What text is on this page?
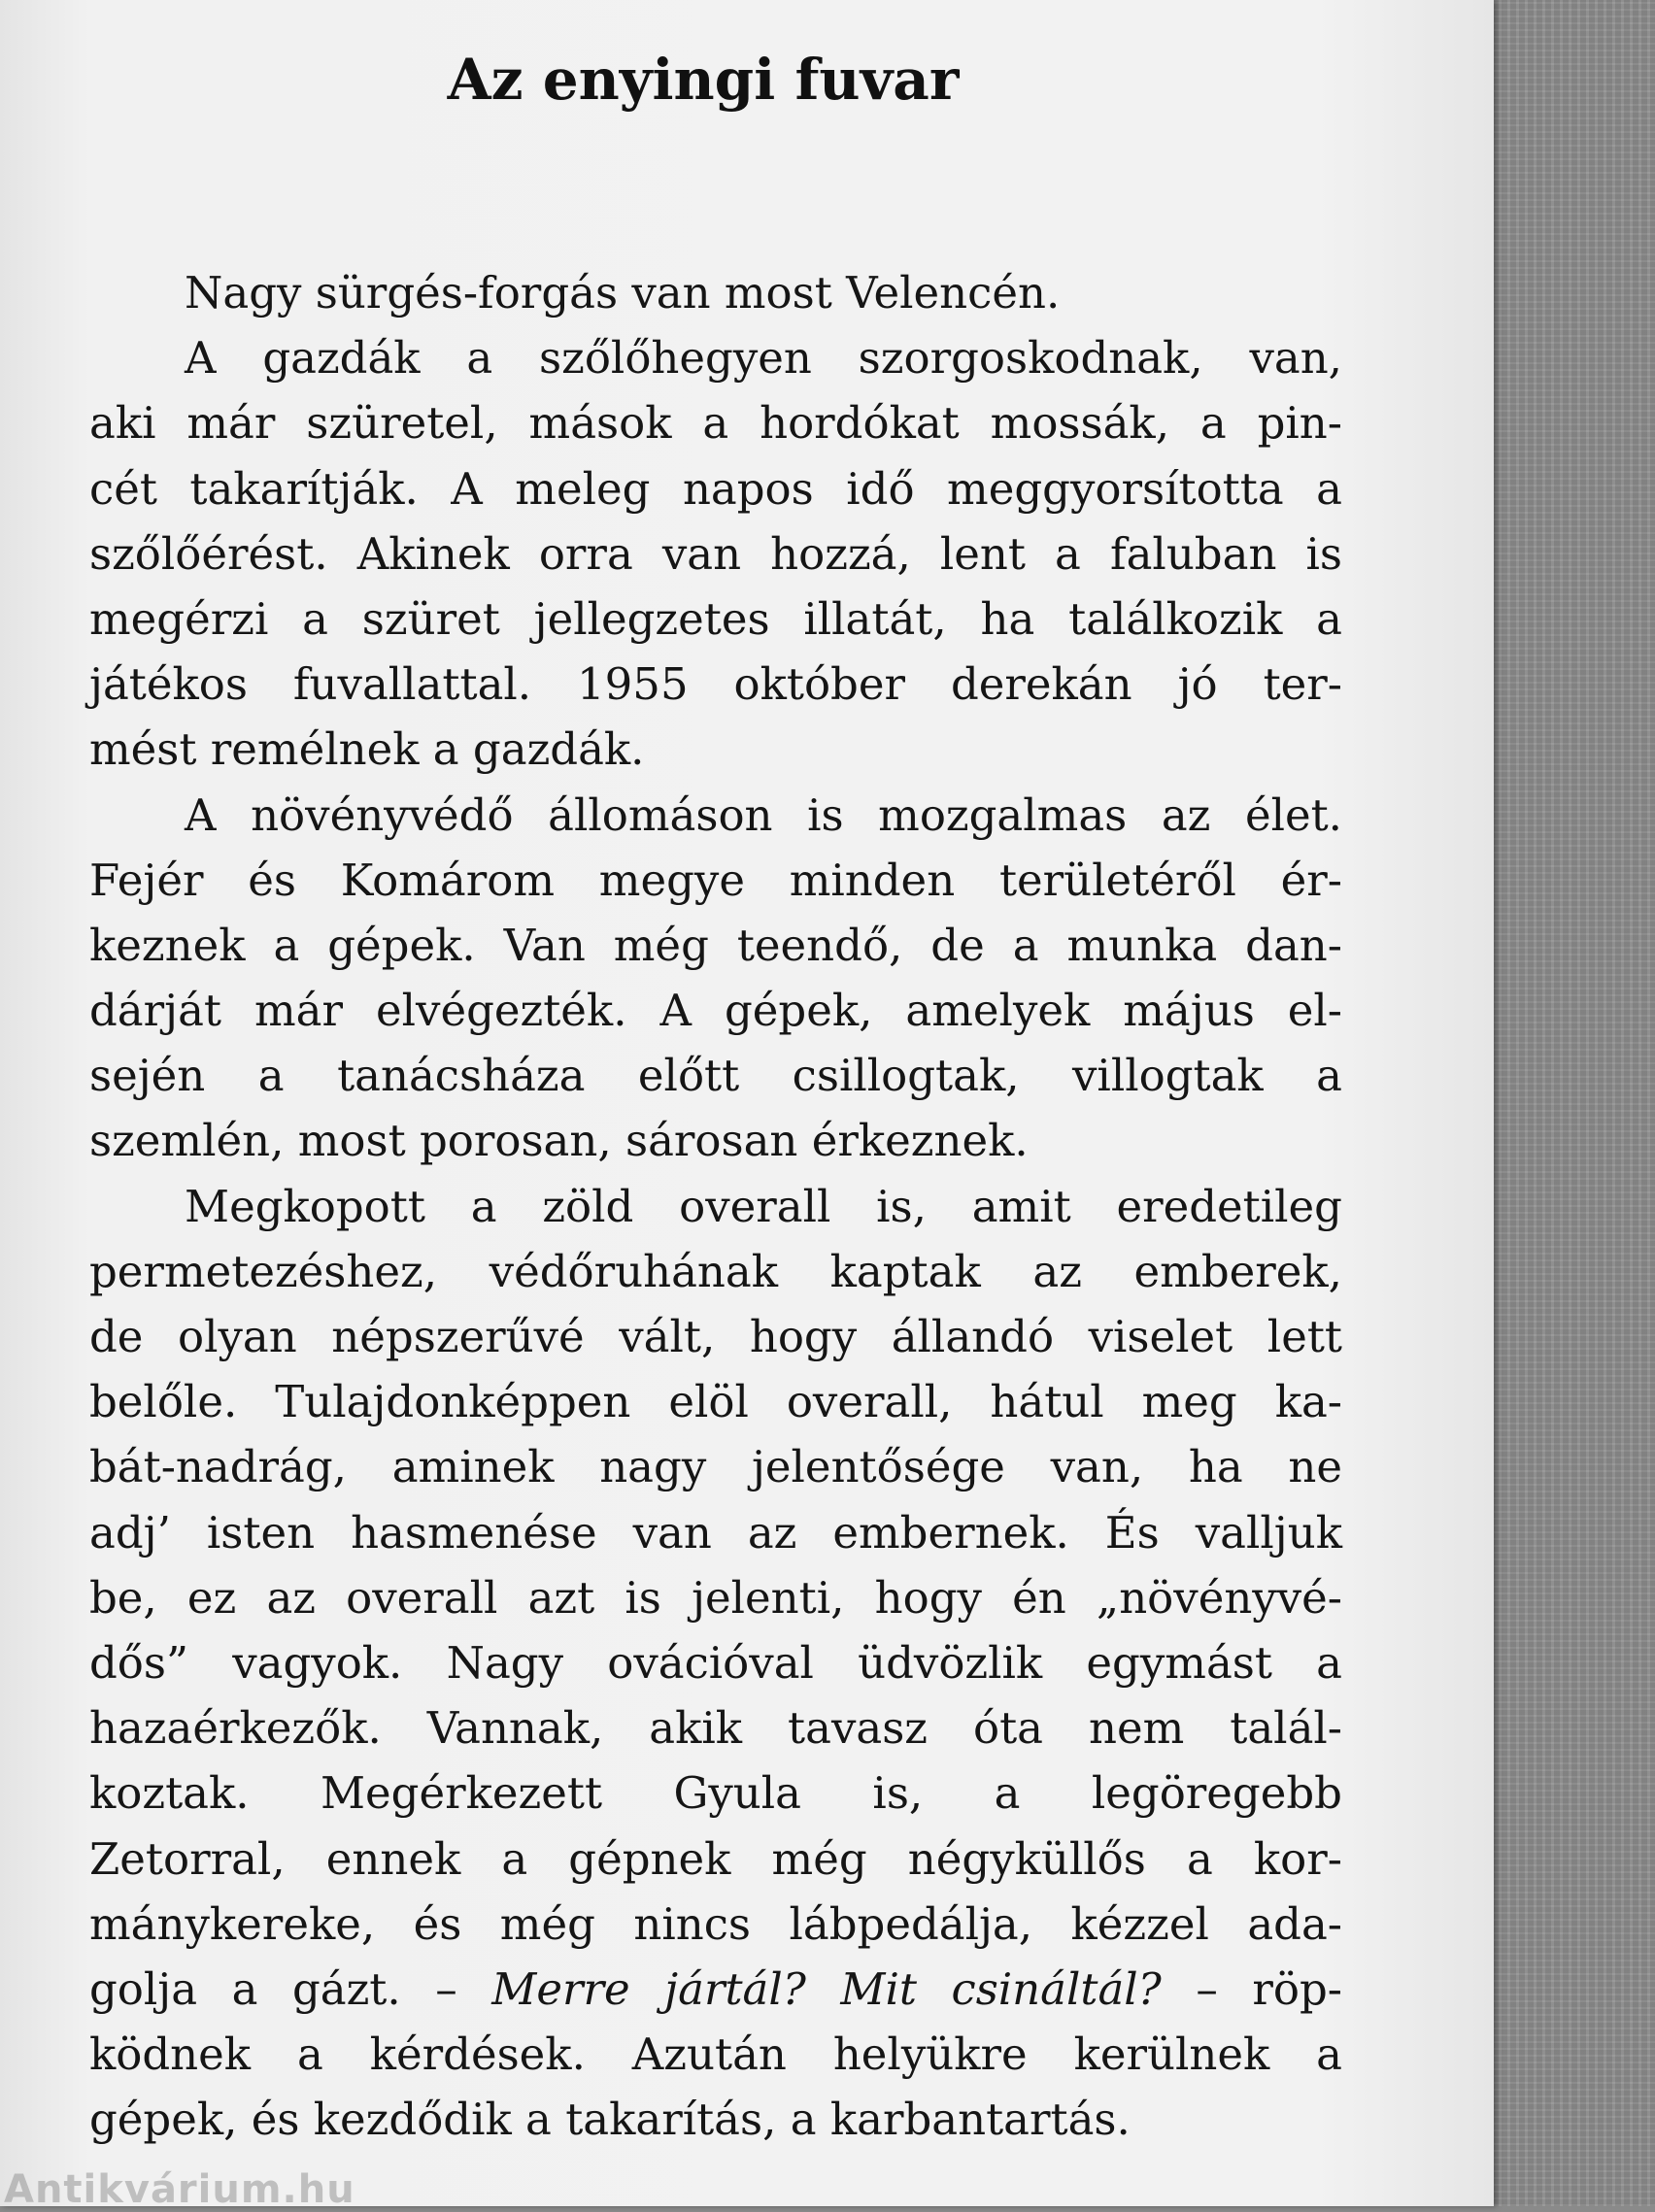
Az enyingi fuvar
Nagy sürgés-forgás van most Velencén.
A gazdák a szőlőhegyen szorgoskodnak, van,
aki már szüretel, mások a hordókat mossák, a pin-
cét takarítják. A meleg napos idő meggyorsította a
szőlőérést. Akinek orra van hozzá, lent a faluban is
megérzi a szüret jellegzetes illatát, ha találkozik a
játékos fuvallattal. 1955 október derekán jó ter-
mést remélnek a gazdák.
A növényvédő állomáson is mozgalmas az élet.
Fejér és Komárom megye minden területéről ér-
keznek a gépek. Van még teendő, de a munka dan-
dárját már elvégezték. A gépek, amelyek május el-
sején a tanácsháza előtt csillogtak, villogtak a
szemlén, most porosan, sárosan érkeznek.
Megkopott a zöld overall is, amit eredetileg
permetezéshez, védőruhának kaptak az emberek,
de olyan népszerűvé vált, hogy állandó viselet lett
belőle. Tulajdonképpen elöl overall, hátul meg ka-
bát-nadrág, aminek nagy jelentősége van, ha ne
adj’ isten hasmenése van az embernek. És valljuk
be, ez az overall azt is jelenti, hogy én „növényvé-
dős” vagyok. Nagy ovációval üdvözlik egymást a
hazaérkezők. Vannak, akik tavasz óta nem talál-
koztak. Megérkezett Gyula is, a legöregebb
Zetorral, ennek a gépnek még négyküllős a kor-
mánykereke, és még nincs lábpedálja, kézzel ada-
golja a gázt. – Merre jártál? Mit csináltál? – röp-
ködnek a kérdések. Azután helyükre kerülnek a
gépek, és kezdődik a takarítás, a karbantartás.
Antikvárium.hu
